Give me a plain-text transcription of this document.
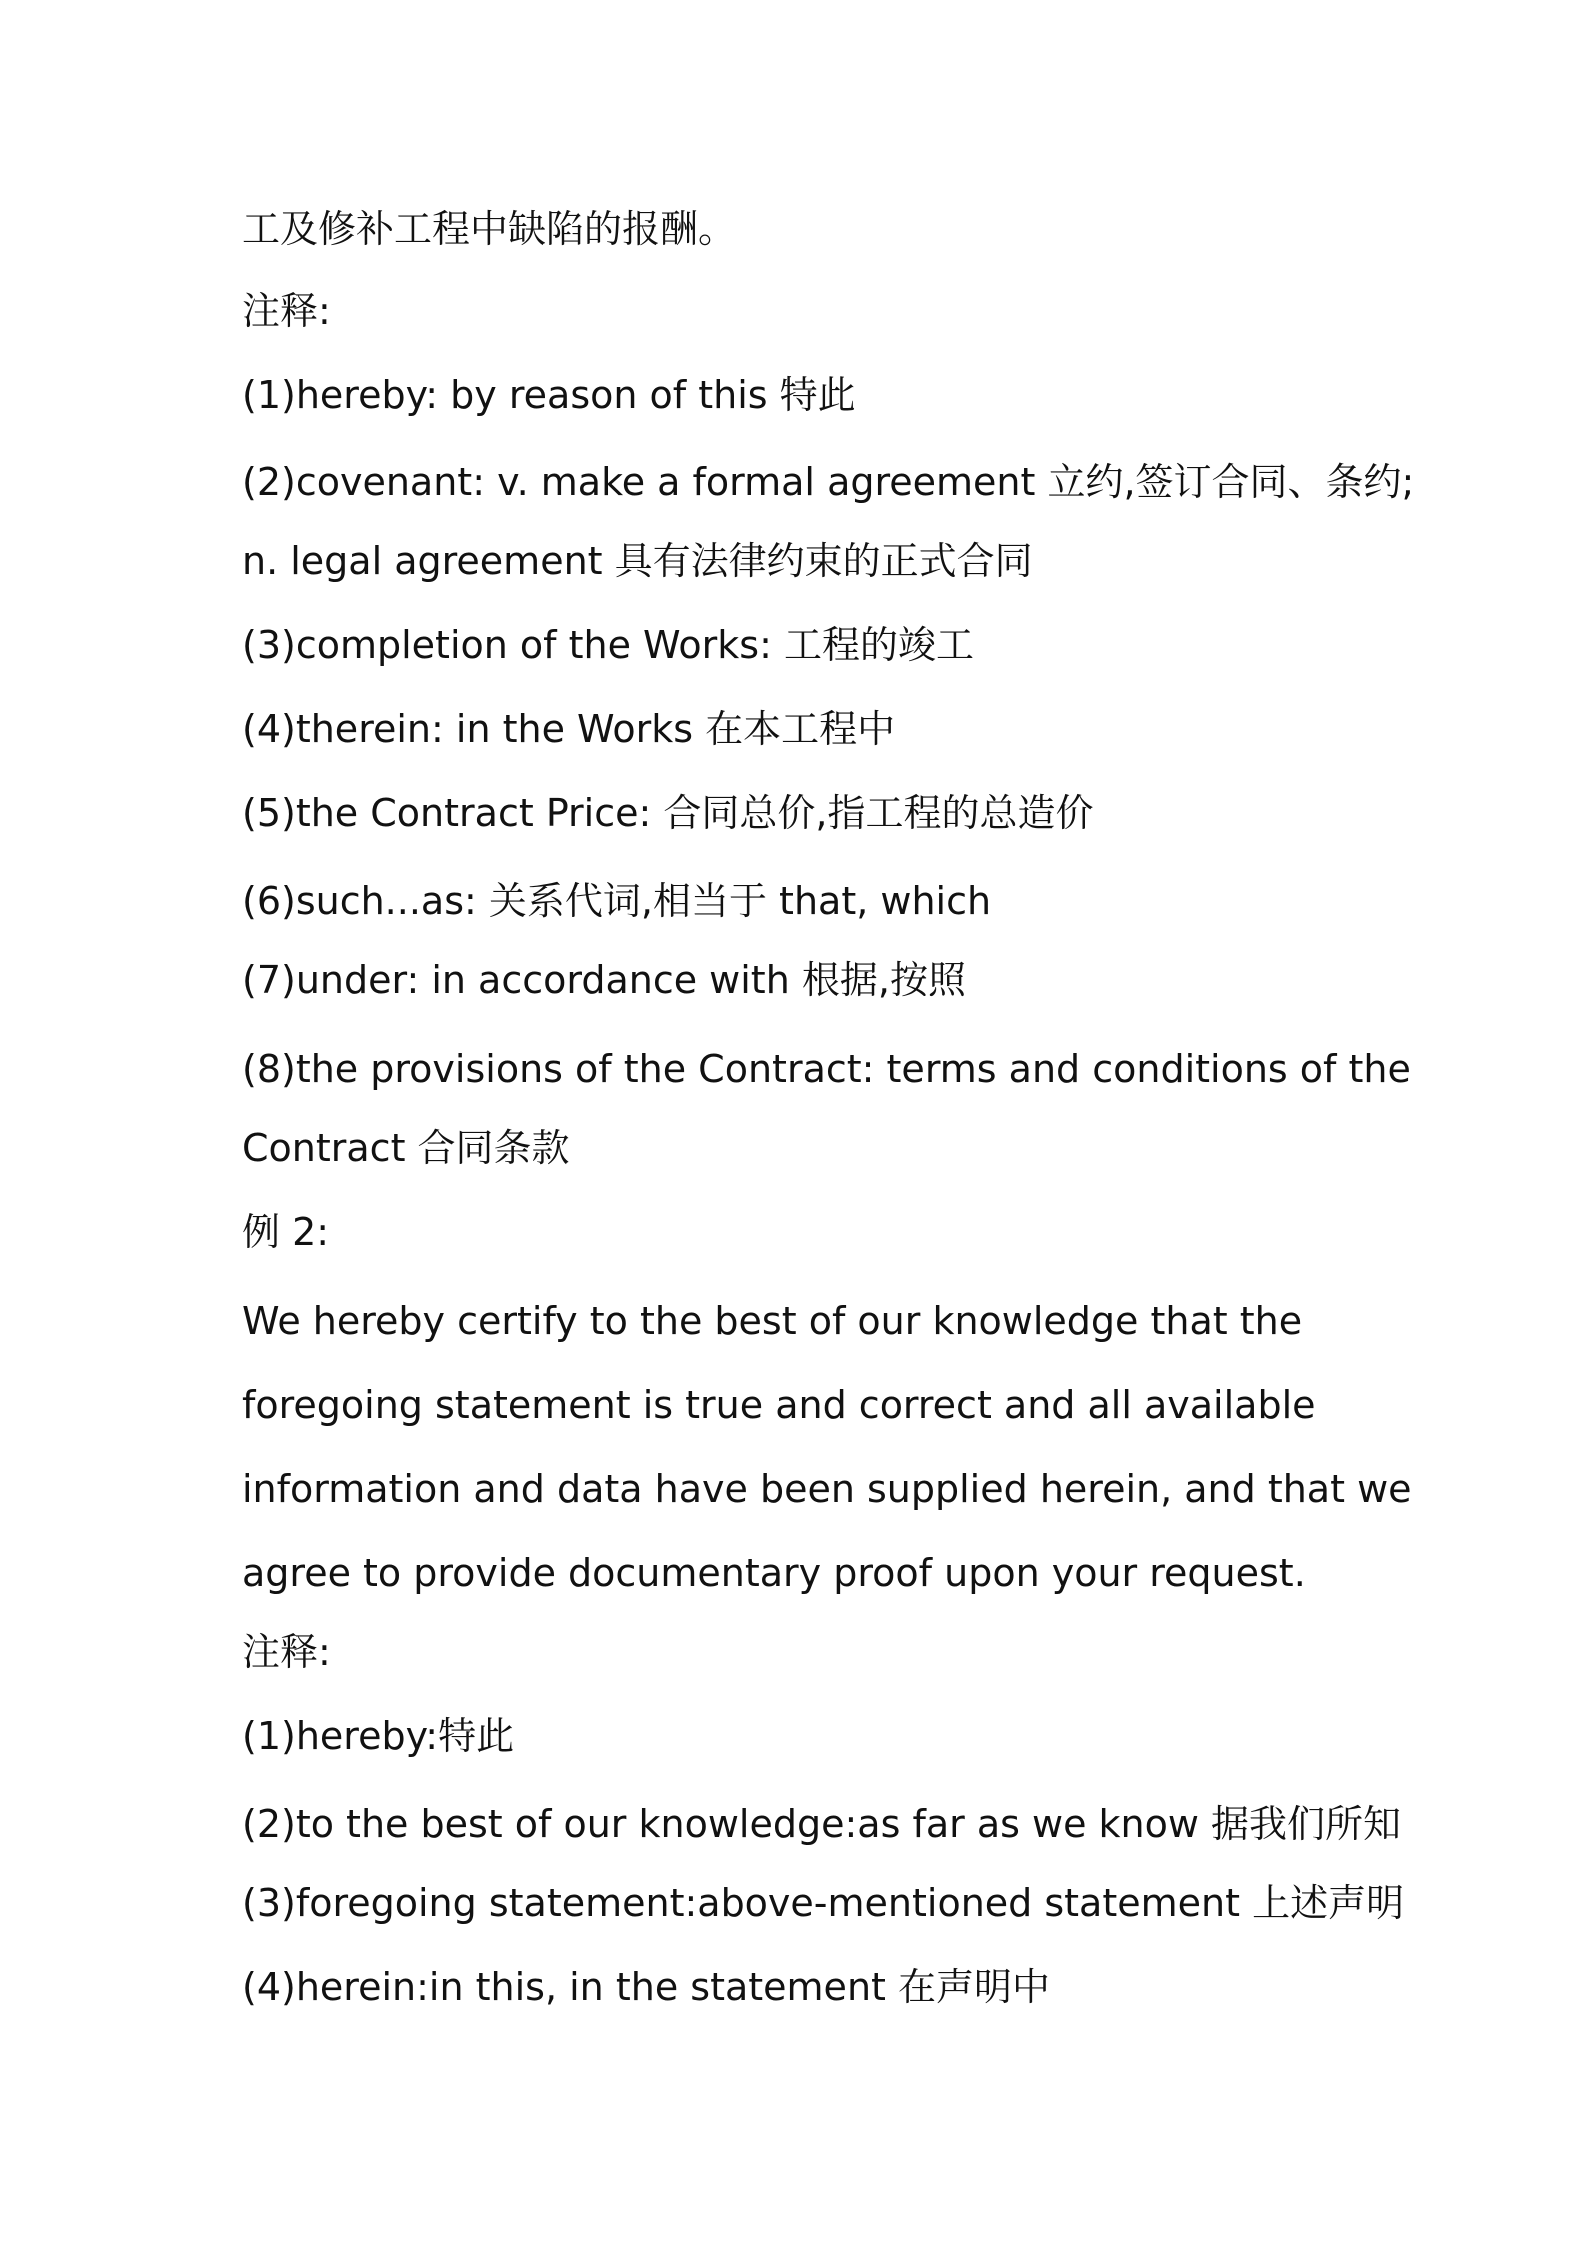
工及修补工程中缺陷的报酬。
注释:
(1)hereby: by reason of this 特此
(2)covenant: v. make a formal agreement 立约,签订合同、条约;
n. legal agreement 具有法律约束的正式合同
(3)completion of the Works: 工程的竣工
(4)therein: in the Works 在本工程中
(5)the Contract Price: 合同总价,指工程的总造价
(6)such...as: 关系代词,相当于 that, which
(7)under: in accordance with 根据,按照
(8)the provisions of the Contract: terms and conditions of the
Contract 合同条款
例 2:
We hereby certify to the best of our knowledge that the
foregoing statement is true and correct and all available
information and data have been supplied herein, and that we
agree to provide documentary proof upon your request.
注释:
(1)hereby:特此
(2)to the best of our knowledge:as far as we know 据我们所知
(3)foregoing statement:above-mentioned statement 上述声明
(4)herein:in this, in the statement 在声明中
